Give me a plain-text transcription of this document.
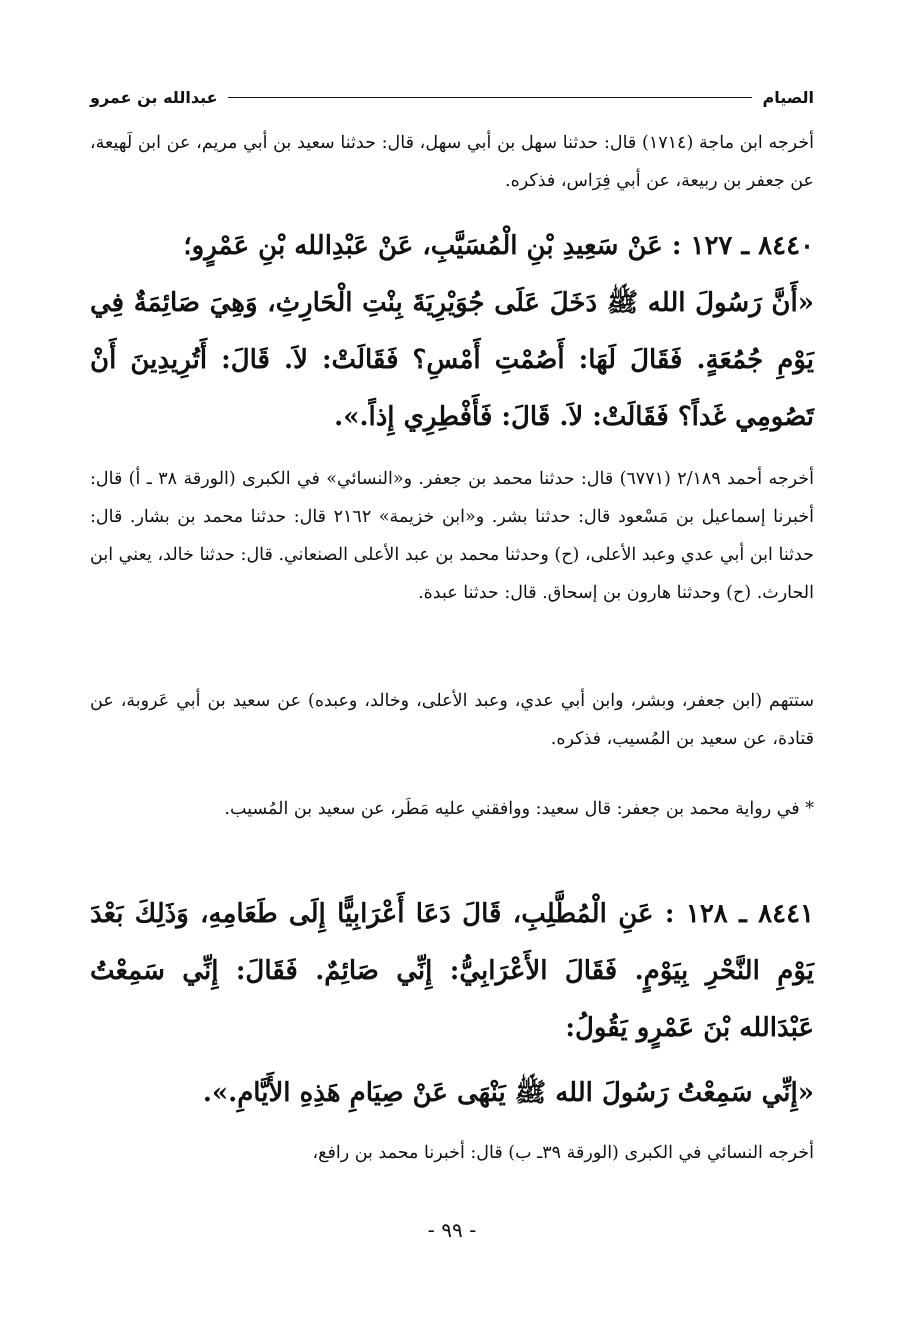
الصيام
عبدالله بن عمرو

أخرجه ابن ماجة (١٧١٤) قال: حدثنا سهل بن أبي سهل، قال: حدثنا سعيد بن أبي مريم، عن ابن لَهيعة، عن جعفر بن ربيعة، عن أبي فِرَاس، فذكره.

٨٤٤٠ ـ ١٢٧ : عَنْ سَعِيدِ بْنِ الْمُسَيَّبِ، عَنْ عَبْدِالله بْنِ عَمْرٍو؛

«أَنَّ رَسُولَ الله ﷺ دَخَلَ عَلَى جُوَيْرِيَةَ بِنْتِ الْحَارِثِ، وَهِيَ صَائِمَةٌ فِي يَوْمِ جُمُعَةٍ. فَقَالَ لَهَا: أَصُمْتِ أَمْسِ؟ فَقَالَتْ: لاَ. قَالَ: أَتُرِيدِينَ أَنْ تَصُومِي غَداً؟ فَقَالَتْ: لاَ. قَالَ: فَأَفْطِرِي إِذاً.».

أخرجه أحمد ٢/١٨٩ (٦٧٧١) قال: حدثنا محمد بن جعفر. و«النسائي» في الكبرى (الورقة ٣٨ ـ أ) قال: أخبرنا إسماعيل بن مَسْعود قال: حدثنا بشر. و«ابن خزيمة» ٢١٦٢ قال: حدثنا محمد بن بشار. قال: حدثنا ابن أبي عدي وعبد الأعلى، (ح) وحدثنا محمد بن عبد الأعلى الصنعاني. قال: حدثنا خالد، يعني ابن الحارث. (ح) وحدثنا هارون بن إسحاق. قال: حدثنا عبدة.

ستتهم (ابن جعفر، وبشر، وابن أبي عدي، وعبد الأعلى، وخالد، وعبده) عن سعيد بن أبي عَروبة، عن قتادة، عن سعيد بن المُسيب، فذكره.

* في رواية محمد بن جعفر: قال سعيد: ووافقني عليه مَطَر، عن سعيد بن المُسيب.

٨٤٤١ ـ ١٢٨ : عَنِ الْمُطَّلِبِ، قَالَ دَعَا أَعْرَابِيًّا إِلَى طَعَامِهِ، وَذَلِكَ بَعْدَ يَوْمِ النَّحْرِ بِيَوْمٍ. فَقَالَ الأَعْرَابِيُّ: إِنِّي صَائِمٌ. فَقَالَ: إِنِّي سَمِعْتُ عَبْدَالله بْنَ عَمْرٍو يَقُولُ:

«إِنِّي سَمِعْتُ رَسُولَ الله ﷺ يَنْهَى عَنْ صِيَامِ هَذِهِ الأَيَّامِ.».

أخرجه النسائي في الكبرى (الورقة ٣٩ـ ب) قال: أخبرنا محمد بن رافع،

- ٩٩ -
